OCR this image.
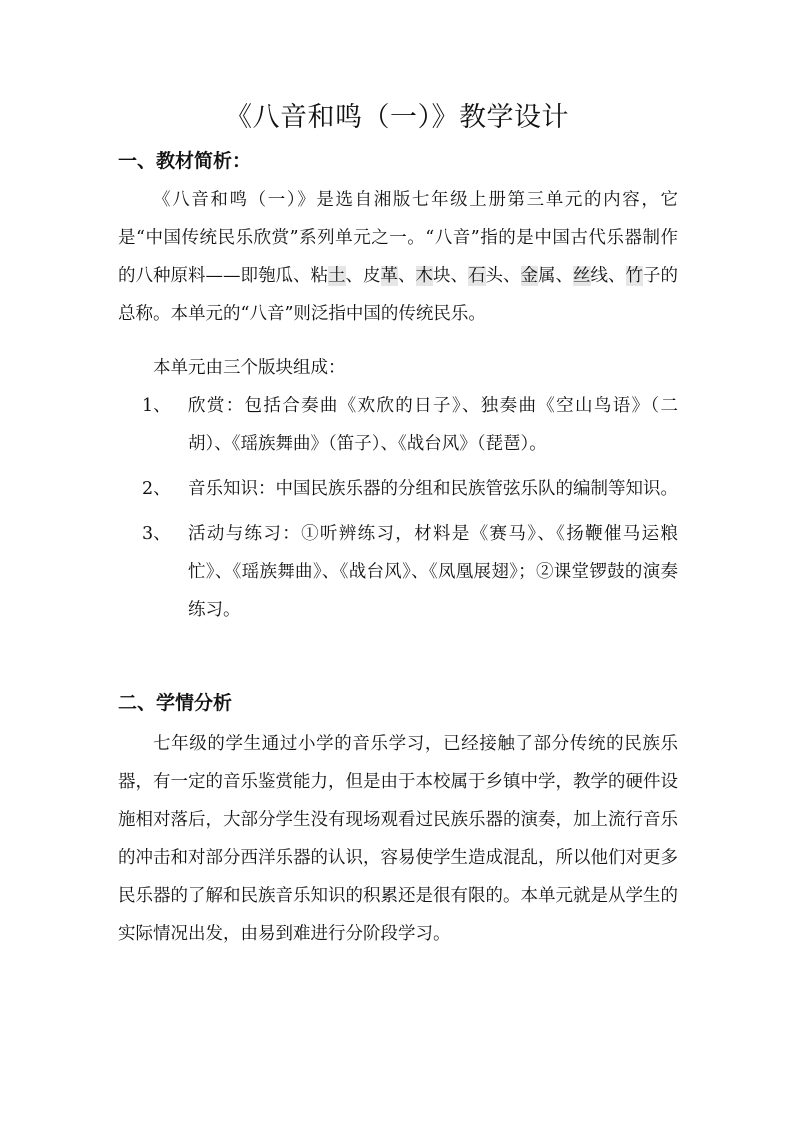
《八音和鸣（一）》教学设计
一、教材简析：

《八音和鸣（一）》是选自湘版七年级上册第三单元的内容，它是“中国传统民乐欣赏”系列单元之一。“八音”指的是中国古代乐器制作的八种原料——即匏瓜、粘土、皮革、木块、石头、金属、丝线、竹子的总称。本单元的“八音”则泛指中国的传统民乐。

本单元由三个版块组成：

1、 欣赏：包括合奏曲《欢欣的日子》、独奏曲《空山鸟语》（二胡）、《瑶族舞曲》（笛子）、《战台风》（琵琶）。

2、 音乐知识：中国民族乐器的分组和民族管弦乐队的编制等知识。

3、 活动与练习：①听辨练习，材料是《赛马》、《扬鞭催马运粮忙》、《瑶族舞曲》、《战台风》、《凤凰展翅》；②课堂锣鼓的演奏练习。

二、学情分析

七年级的学生通过小学的音乐学习，已经接触了部分传统的民族乐器，有一定的音乐鉴赏能力，但是由于本校属于乡镇中学，教学的硬件设施相对落后，大部分学生没有现场观看过民族乐器的演奏，加上流行音乐的冲击和对部分西洋乐器的认识，容易使学生造成混乱，所以他们对更多民乐器的了解和民族音乐知识的积累还是很有限的。本单元就是从学生的实际情况出发，由易到难进行分阶段学习。
